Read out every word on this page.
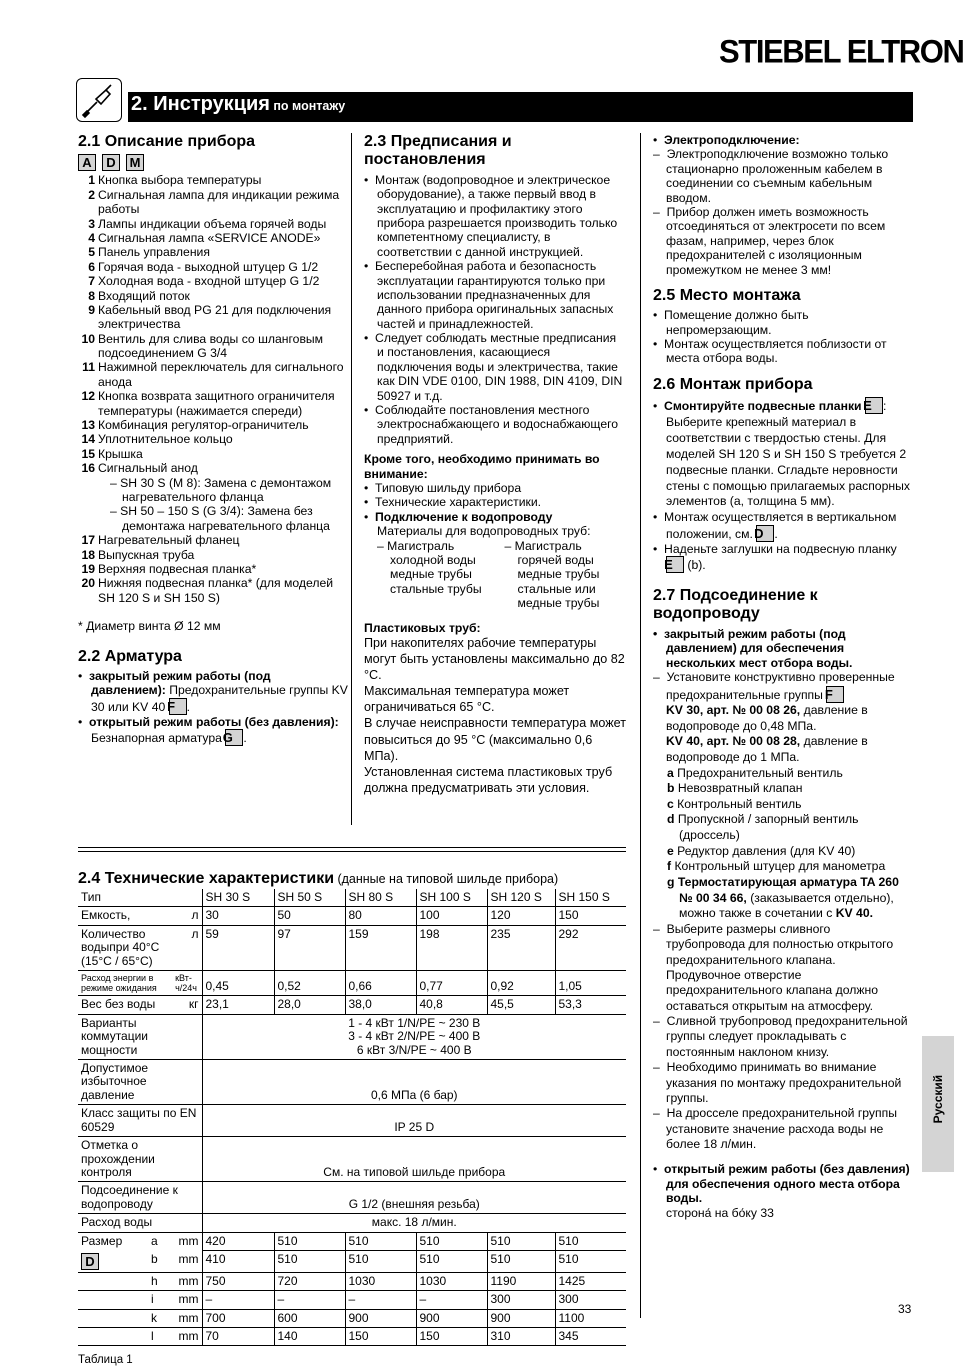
STIEBEL ELTRON
2. Инструкция по монтажу
2.1 Описание прибора
A D M
1 Кнопка выбора температуры
2 Сигнальная лампа для индикации режима работы
3 Лампы индикации объема горячей воды
4 Сигнальная лампа «SERVICE ANODE»
5 Панель управления
6 Горячая вода - выходной штуцер G 1/2
7 Холодная вода - входной штуцер G 1/2
8 Входящий поток
9 Кабельный ввод PG 21 для подключения электричества
10 Вентиль для слива воды со шланговым подсоединением G 3/4
11 Нажимной переключатель для сигнального анода
12 Кнопка возврата защитного ограничителя температуры (нажимается спереди)
13 Комбинация регулятор-ограничитель
14 Уплотнительное кольцо
15 Крышка
16 Сигнальный анод
– SH 30 S (M 8): Замена с демонтажом нагревательного фланца
– SH 50 – 150 S (G 3/4): Замена без демонтажа нагревательного фланца
17 Нагревательный фланец
18 Выпускная труба
19 Верхняя подвесная планка*
20 Нижняя подвесная планка* (для моделей SH 120 S и SH 150 S)

* Диаметр винта Ø 12 мм

2.2 Арматура
•  закрытый режим работы (под давлением): Предохранительные группы KV 30 или KV 40 F .
•  открытый режим работы (без давления): Безнапорная арматура G .
2.3 Предписания и постановления
•  Монтаж (водопроводное и электрическое оборудование), а также первый ввод в эксплуатацию и профилактику этого прибора разрешается производить только компетентному специалисту, в соответствии с данной инструкцией.
•  Бесперебойная работа и безопасность эксплуатации гарантируются только при использовании предназначенных для данного прибора оригинальных запасных частей и принадлежностей.
•  Следует соблюдать местные предписания и постановления, касающиеся подключения воды и электричества, такие как DIN VDE 0100, DIN 1988, DIN 4109, DIN 50927 и т.д.
•  Соблюдайте постановления местного электроснабжающего и водоснабжающего предприятий.

Кроме того, необходимо принимать во внимание:

•  Типовую шильду прибора
•  Технические характеристики.
•  Подключение к водопроводу
Материалы для водопроводных труб:
– Магистраль холодной воды медные трубы стальные трубы
– Магистраль горячей воды медные трубы стальные или медные трубы

Пластиковых труб:

При накопителях рабочие температуры могут быть установлены максимально до 82 °C.

Максимальная температура может ограничиваться 65 °C.

В случае неисправности температура может повыситься до 95 °C (максимально 0,6 МПа).

Установленная система пластиковых труб должна предусматривать эти условия.

•  Электроподключение:
–  Электроподключение возможно только стационарно проложенным кабелем в соединении со съемным кабельным вводом.
–  Прибор должен иметь возможность отсоединяться от электросети по всем фазам, например, через блок предохранителей с изоляционным промежутком не менее 3 мм!
2.5 Место монтажа
•  Помещение должно быть непромерзающим.
•  Монтаж осуществляется поблизости от места отбора воды.
2.6 Монтаж прибора
•  Смонтируйте подвесные планки E :
Выберите крепежный материал в соответствии с твердостью стены. Для моделей SH 120 S и SH 150 S требуется 2 подвесные планки. Сгладьте неровности стены с помощью прилагаемых распорных элементов (a, толщина 5 мм).
•  Монтаж осуществляется в вертикальном положении, см. D .
•  Наденьте заглушки на подвесную планку E (b).
2.7 Подсоединение к водопроводу
•  закрытый режим работы (под давлением) для обеспечения нескольких мест отбора воды.
–  Установите конструктивно проверенные предохранительные группы F
KV 30, арт. № 00 08 26, давление в водопроводе до 0,48 МПа.
KV 40, арт. № 00 08 28, давление в водопроводе до 1 МПа.
a Предохранительный вентиль
b Невозвратный клапан
c Контрольный вентиль
d Пропускной / запорный вентиль (дроссель)
e Редуктор давления (для KV 40)
f Контрольный штуцер для манометра
g Термостатирующая арматура TA 260 № 00 34 66, (заказывается отдельно), можно также в сочетании с KV 40.
–  Выберите размеры сливного трубопровода для полностью открытого предохранительного клапана. Продувочное отверстие предохранительного клапана должно оставаться открытым на атмосферу.
–  Сливной трубопровод предохранительной группы следует прокладывать с постоянным наклоном книзу.
–  Необходимо принимать во внимание указания по монтажу предохранительной группы.
–  На дросселе предохранительной группы установите значение расхода воды не более 18 л/мин.
•  открытый режим работы (без давления) для обеспечения одного места отбора воды.
сторона́ на бо́ку 33
2.4 Технические характеристики (данные на типовой шильде прибора)
Тип	SH 30 S	SH 50 S	SH 80 S	SH 100 S	SH 120 S	SH 150 S

Емкость, л	30	50	80	100	120	150

Количество водыпри 40°C (15°C / 65°C)
л	59	97	159	198	235	292

Расход энергии в режиме ожидания
кВт-ч/24ч	0,45	0,52	0,66	0,77	0,92	1,05

Вес без воды кг	23,1	28,0	38,0	40,8	45,5	53,3

Варианты коммутации мощности	1 - 4 кВт 1/N/PE ~ 230 В
3 - 4 кВт 2/N/PE ~ 400 В
6 кВт 3/N/PE ~ 400 В					

Допустимое избыточное давление	0,6 МПа (6 бар)					

Класс защиты по EN 60529	IP 25 D					

Отметка о прохождении контроля	См. на типовой шильде прибора					

Подсоединение к водопроводу	G 1/2 (внешняя резьба)					

Расход воды	макс. 18 л/мин.					

Размер a mm	420	510	510	510	510	510

D b mm	410	510	510	510	510	510

h mm	750	720	1030	1030	1190	1425

i mm	–	–	–	–	300	300

k mm	700	600	900	900	900	1100

l mm	70	140	150	150	310	345

Таблица 1

Русский
33
